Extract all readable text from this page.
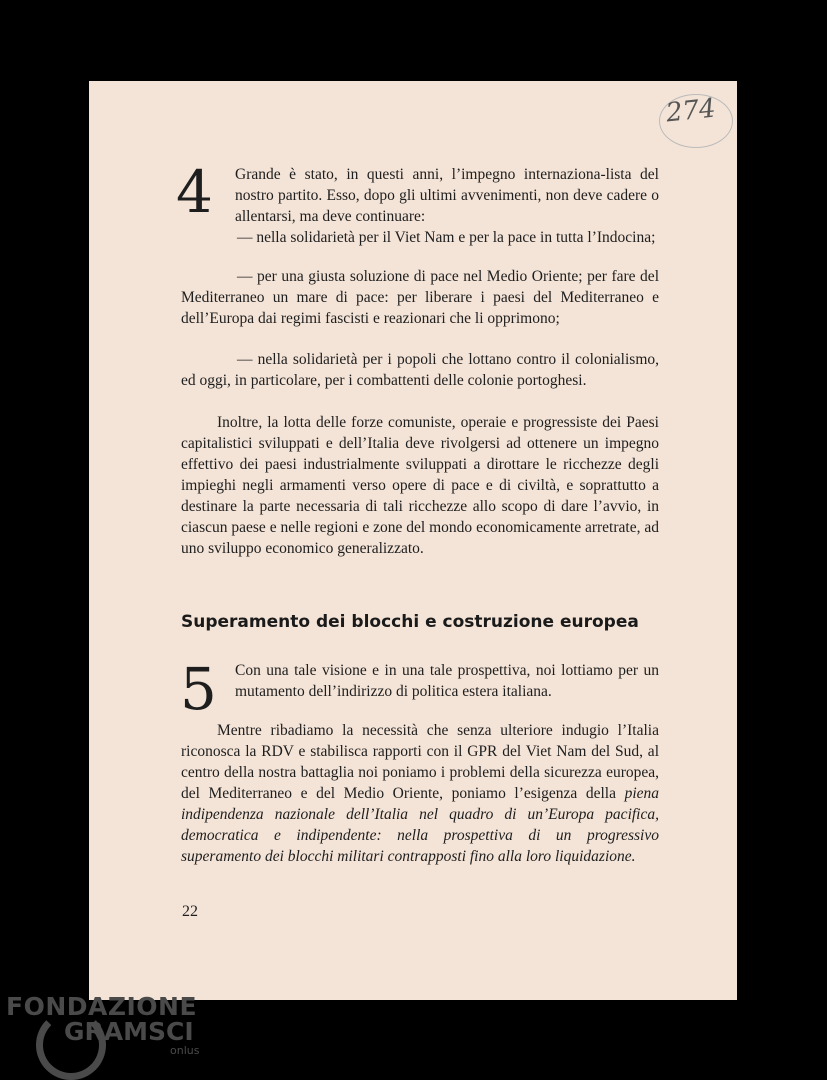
274
4 Grande è stato, in questi anni, l’impegno internaziona-lista del nostro partito. Esso, dopo gli ultimi avvenimenti, non deve cadere o allentarsi, ma deve continuare:
— nella solidarietà per il Viet Nam e per la pace in tutta l’Indocina;
— per una giusta soluzione di pace nel Medio Oriente; per fare del Mediterraneo un mare di pace: per liberare i paesi del Mediterraneo e dell’Europa dai regimi fascisti e reazionari che li opprimono;
— nella solidarietà per i popoli che lottano contro il colonialismo, ed oggi, in particolare, per i combattenti delle colonie portoghesi.
Inoltre, la lotta delle forze comuniste, operaie e progressiste dei Paesi capitalistici sviluppati e dell’Italia deve rivolgersi ad ottenere un impegno effettivo dei paesi industrialmente sviluppati a dirottare le ricchezze degli impieghi negli armamenti verso opere di pace e di civiltà, e soprattutto a destinare la parte necessaria di tali ricchezze allo scopo di dare l’avvio, in ciascun paese e nelle regioni e zone del mondo economicamente arretrate, ad uno sviluppo economico generalizzato.
Superamento dei blocchi e costruzione europea
5 Con una tale visione e in una tale prospettiva, noi lottiamo per un mutamento dell’indirizzo di politica estera italiana.
Mentre ribadiamo la necessità che senza ulteriore indugio l’Italia riconosca la RDV e stabilisca rapporti con il GPR del Viet Nam del Sud, al centro della nostra battaglia noi poniamo i problemi della sicurezza europea, del Mediterraneo e del Medio Oriente, poniamo l’esigenza della piena indipendenza nazionale dell’Italia nel quadro di un’Europa pacifica, democratica e indipendente: nella prospettiva di un progressivo superamento dei blocchi militari contrapposti fino alla loro liquidazione.
22
FONDAZIONE
GRAMSCI
onlus
